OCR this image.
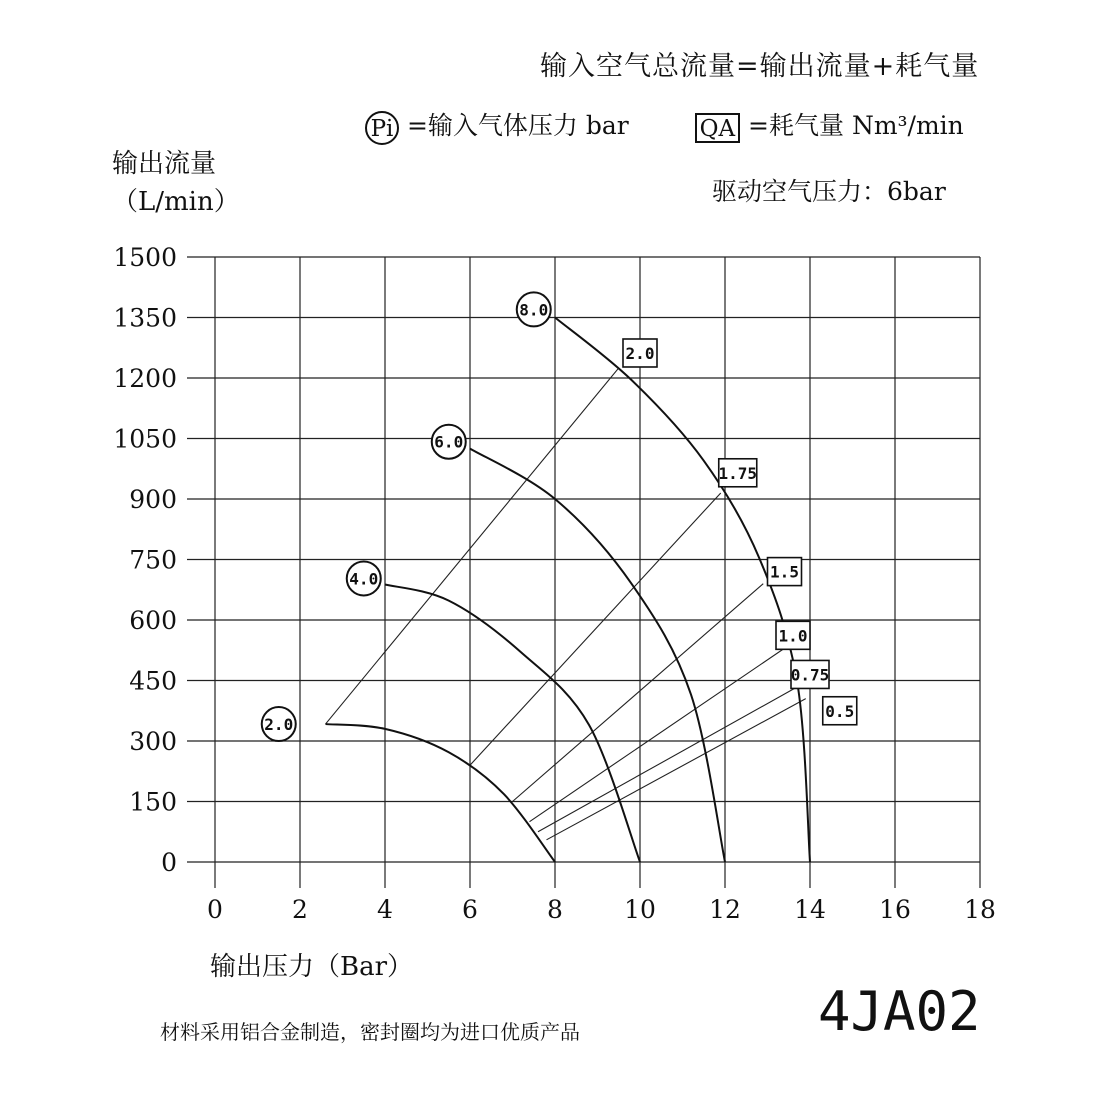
输入空气总流量=输出流量+耗气量
Pi =输入气体压力 bar	QA =耗气量 Nm³/min
驱动空气压力：6bar
输出流量
（L/min）
0	2	4	6	8 10 12 14 16 18
0
150
300
450
600
750
900
1050
1200
1350
1500
2.0
4.0
6.0
8.0
2.0
1.75
1.5
1.0
0.75
0.5
输出压力（Bar）
材料采用铝合金制造，密封圈均为进口优质产品	4JA02
